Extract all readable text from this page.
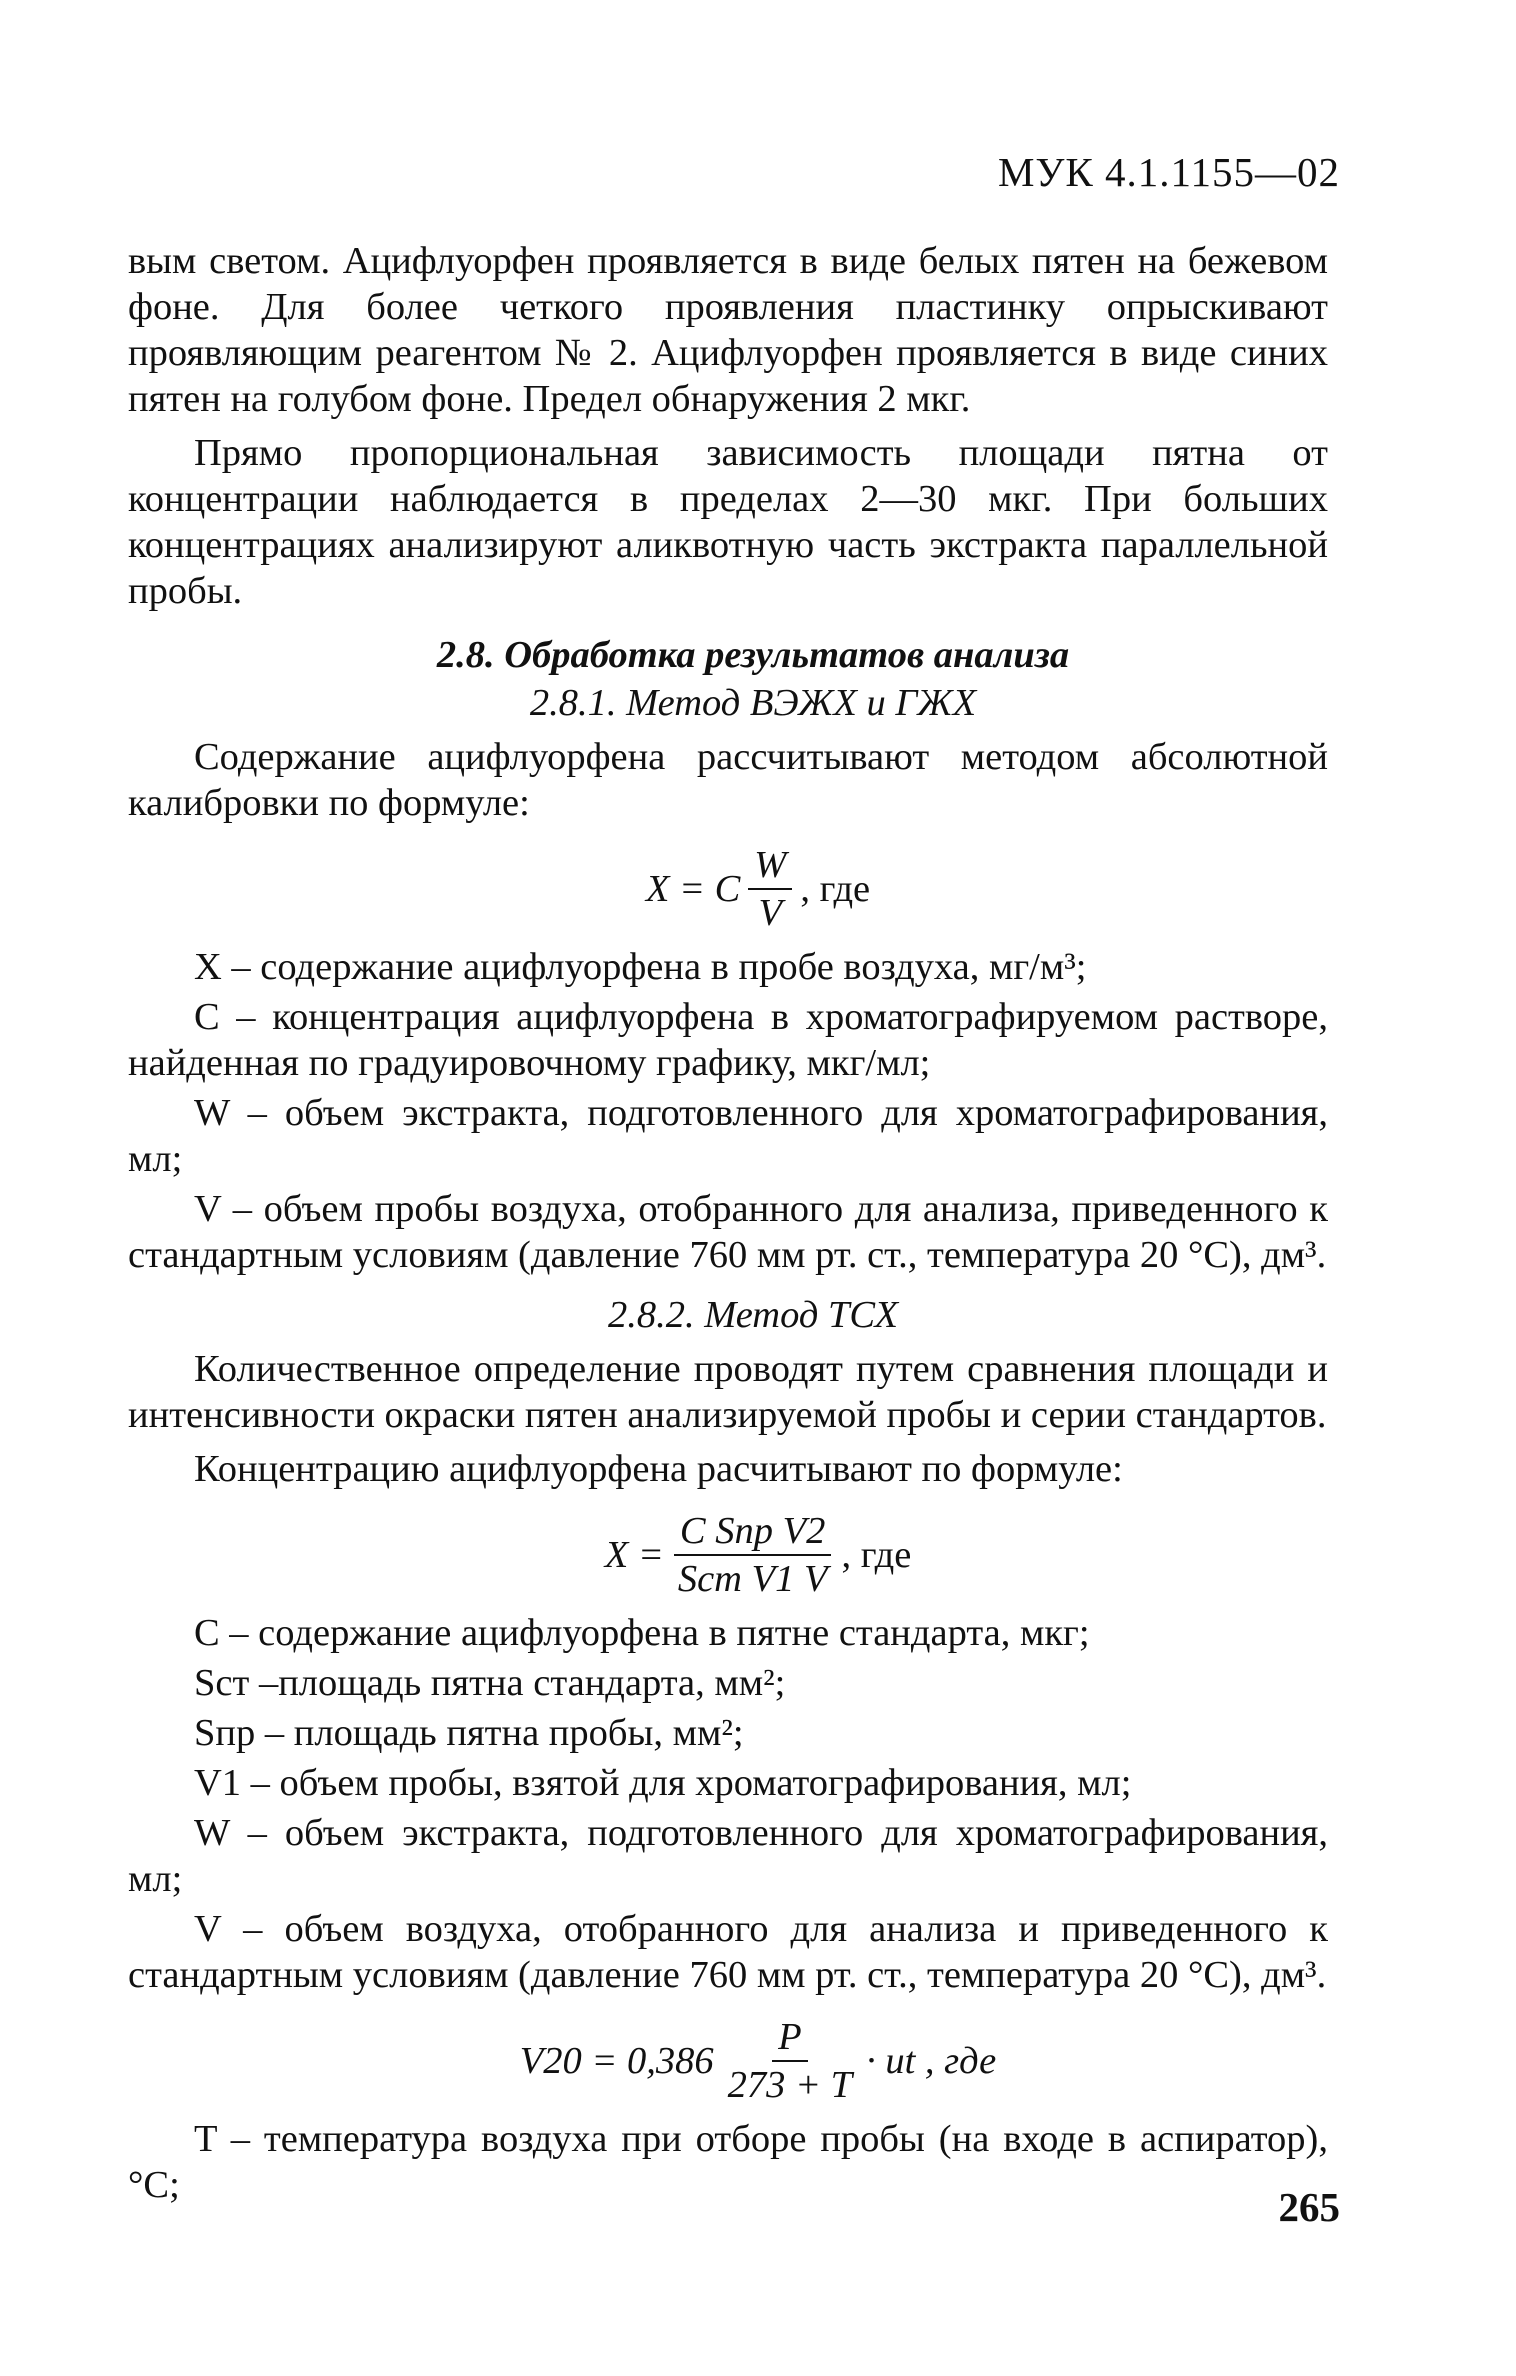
МУК 4.1.1155—02

вым светом. Ацифлуорфен проявляется в виде белых пятен на бежевом фоне. Для более четкого проявления пластинку опрыскивают проявляющим реагентом № 2. Ацифлуорфен проявляется в виде синих пятен на голубом фоне. Предел обнаружения 2 мкг.

Прямо пропорциональная зависимость площади пятна от концентрации наблюдается в пределах 2—30 мкг. При больших концентрациях анализируют аликвотную часть экстракта параллельной пробы.

2.8. Обработка результатов анализа
2.8.1. Метод ВЭЖХ и ГЖХ

Содержание ацифлуорфена рассчитывают методом абсолютной калибровки по формуле:

X = C $\frac{W}{V}$ , где

X – содержание ацифлуорфена в пробе воздуха, мг/м³;

C – концентрация ацифлуорфена в хроматографируемом растворе, найденная по градуировочному графику, мкг/мл;

W – объем экстракта, подготовленного для хроматографирования, мл;

V – объем пробы воздуха, отобранного для анализа, приведенного к стандартным условиям (давление 760 мм рт. ст., температура 20 °С), дм³.

2.8.2. Метод ТСХ

Количественное определение проводят путем сравнения площади и интенсивности окраски пятен анализируемой пробы и серии стандартов.

Концентрацию ацифлуорфена расчитывают по формуле:

$X = \frac{\text{C Sпр V2}}{\text{Sст V1 V}}$ , где

C – содержание ацифлуорфена в пятне стандарта, мкг;

Sст –площадь пятна стандарта, мм²;

Sпр – площадь пятна пробы, мм²;

V1 – объем пробы, взятой для хроматографирования, мл;

W – объем экстракта, подготовленного для хроматографирования, мл;

V – объем воздуха, отобранного для анализа и приведенного к стандартным условиям (давление 760 мм рт. ст., температура 20 °С), дм³.

$V20 = 0,386 \frac{P}{273 + T}$ · ut , где

T – температура воздуха при отборе пробы (на входе в аспиратор), °С;	265
